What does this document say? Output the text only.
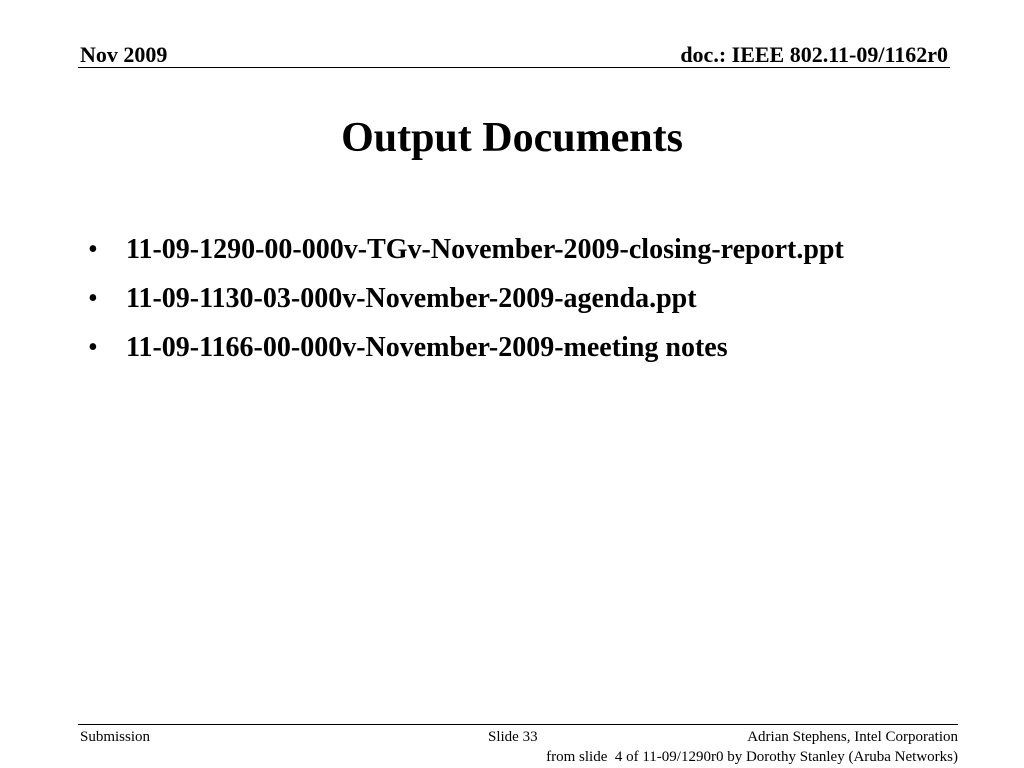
Nov 2009	doc.: IEEE 802.11-09/1162r0
Output Documents
• 11-09-1290-00-000v-TGv-November-2009-closing-report.ppt
• 11-09-1130-03-000v-November-2009-agenda.ppt
• 11-09-1166-00-000v-November-2009-meeting notes
Submission	Slide 33	Adrian Stephens, Intel Corporation
from slide  4 of 11-09/1290r0 by Dorothy Stanley (Aruba Networks)
